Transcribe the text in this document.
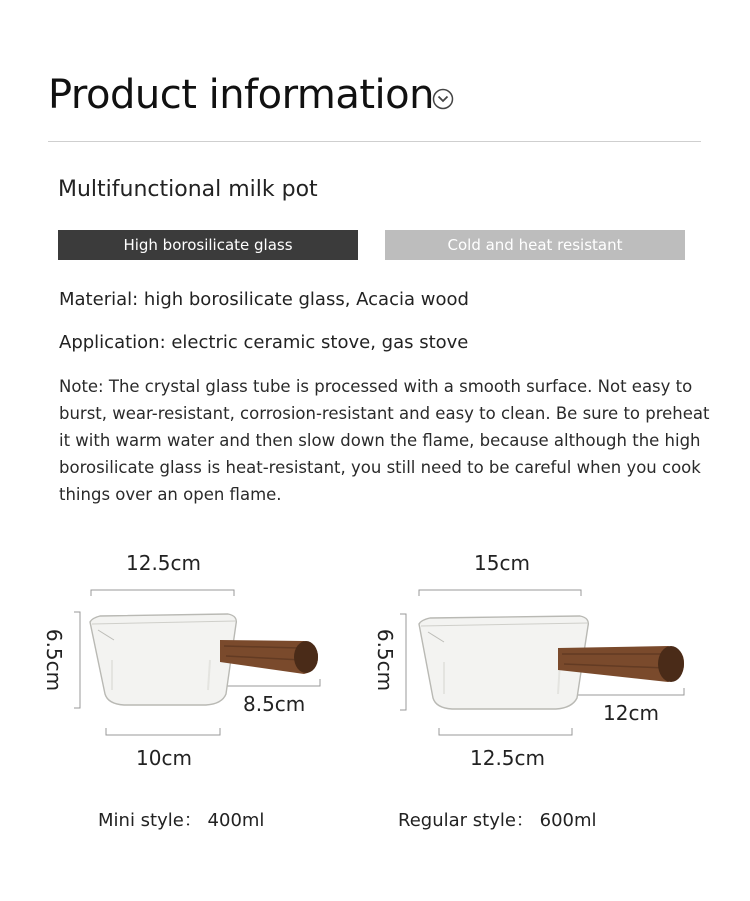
Product information
Multifunctional milk pot
High borosilicate glass	Cold and heat resistant
Material: high borosilicate glass, Acacia wood
Application: electric ceramic stove, gas stove
Note: The crystal glass tube is processed with a smooth surface. Not easy to burst, wear-resistant, corrosion-resistant and easy to clean. Be sure to preheat it with warm water and then slow down the flame, because although the high borosilicate glass is heat-resistant, you still need to be careful when you cook things over an open flame.
12.5cm
6.5cm
8.5cm
10cm
Mini style： 400ml
15cm
6.5cm
12cm
12.5cm
Regular style： 600ml
